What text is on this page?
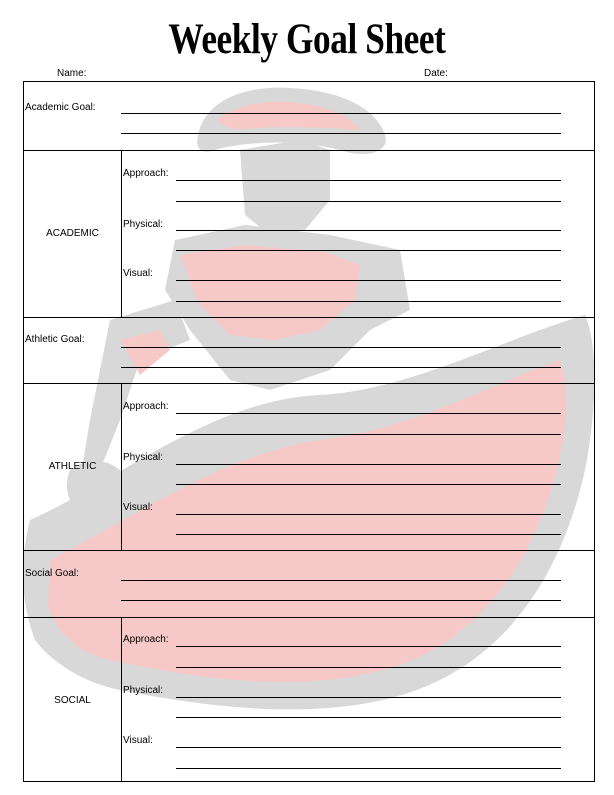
Weekly Goal Sheet
Name:	Date:
Academic Goal:
ACADEMIC
Approach:
Physical:
Visual:
Athletic Goal:
ATHLETIC
Approach:
Physical:
Visual:
Social Goal:
SOCIAL
Approach:
Physical:
Visual:
